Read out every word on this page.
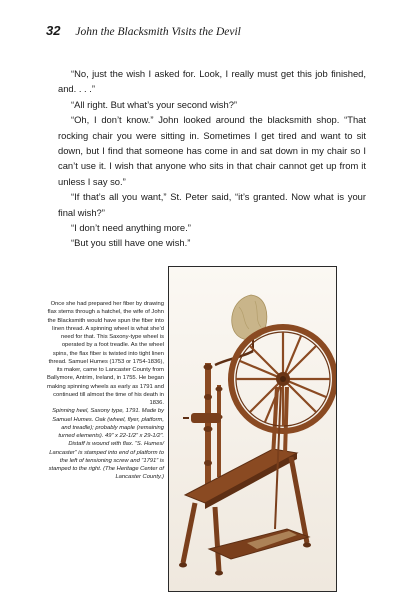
32 John the Blacksmith Visits the Devil

“No, just the wish I asked for. Look, I really must get this job finished, and. . . .”

“All right. But what’s your second wish?”

“Oh, I don’t know.” John looked around the blacksmith shop. “That rocking chair you were sitting in. Sometimes I get tired and want to sit down, but I find that someone has come in and sat down in my chair so I can’t use it. I wish that anyone who sits in that chair cannot get up from it unless I say so.”

“If that’s all you want,” St. Peter said, “it’s granted. Now what is your final wish?”

“I don’t need anything more.”

“But you still have one wish.”

Once she had prepared her fiber by drawing flax stems through a hatchel, the wife of John the Blacksmith would have spun the fiber into linen thread. A spinning wheel is what she’d need for that. This Saxony-type wheel is operated by a foot treadle. As the wheel spins, the flax fiber is twisted into tight linen thread. Samuel Humes (1753 or 1754-1836), its maker, came to Lancaster County from Ballymore, Antrim, Ireland, in 1755. He began making spinning wheels as early as 1791 and continued till almost the time of his death in 1836.

Spinning heel, Saxony type, 1791. Made by Samuel Humes. Oak (wheel, flyer, platform, and treadle); probably maple (remaining turned elements). 49” x 22-1/2” x 29-1/2”. Distaff is wound with flax. “S. Humes/ Lancaster” is stamped into end of platform to the left of tensioning screw and “1791” is stamped to the right. (The Heritage Center of Lancaster County.)
